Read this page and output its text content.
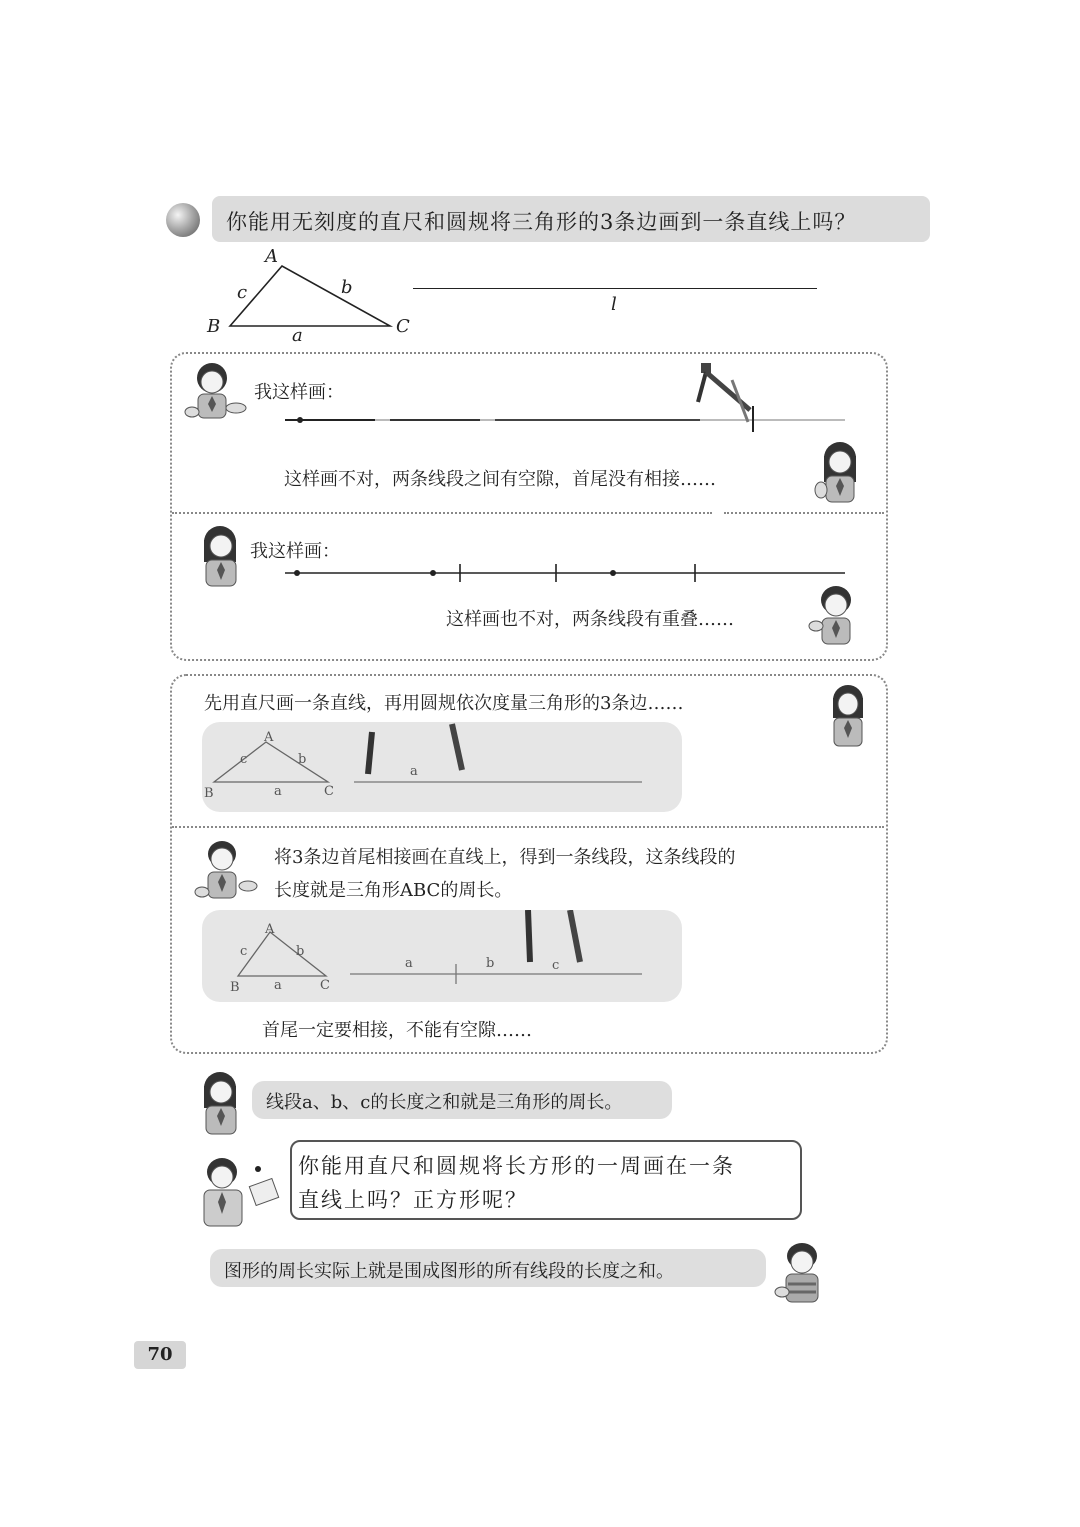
你能用无刻度的直尺和圆规将三角形的3条边画到一条直线上吗？
A
B	C
c	b
a
l
我这样画：
这样画不对，两条线段之间有空隙，首尾没有相接……
我这样画：
这样画也不对，两条线段有重叠……
先用直尺画一条直线，再用圆规依次度量三角形的3条边……
A
B	C
c	b
a
a
将3条边首尾相接画在直线上，得到一条线段，这条线段的
长度就是三角形ABC的周长。
A
B	C
c	b
a
a	b	c
首尾一定要相接，不能有空隙……
线段a、b、c的长度之和就是三角形的周长。
你能用直尺和圆规将长方形的一周画在一条
直线上吗？正方形呢？
图形的周长实际上就是围成图形的所有线段的长度之和。
70
